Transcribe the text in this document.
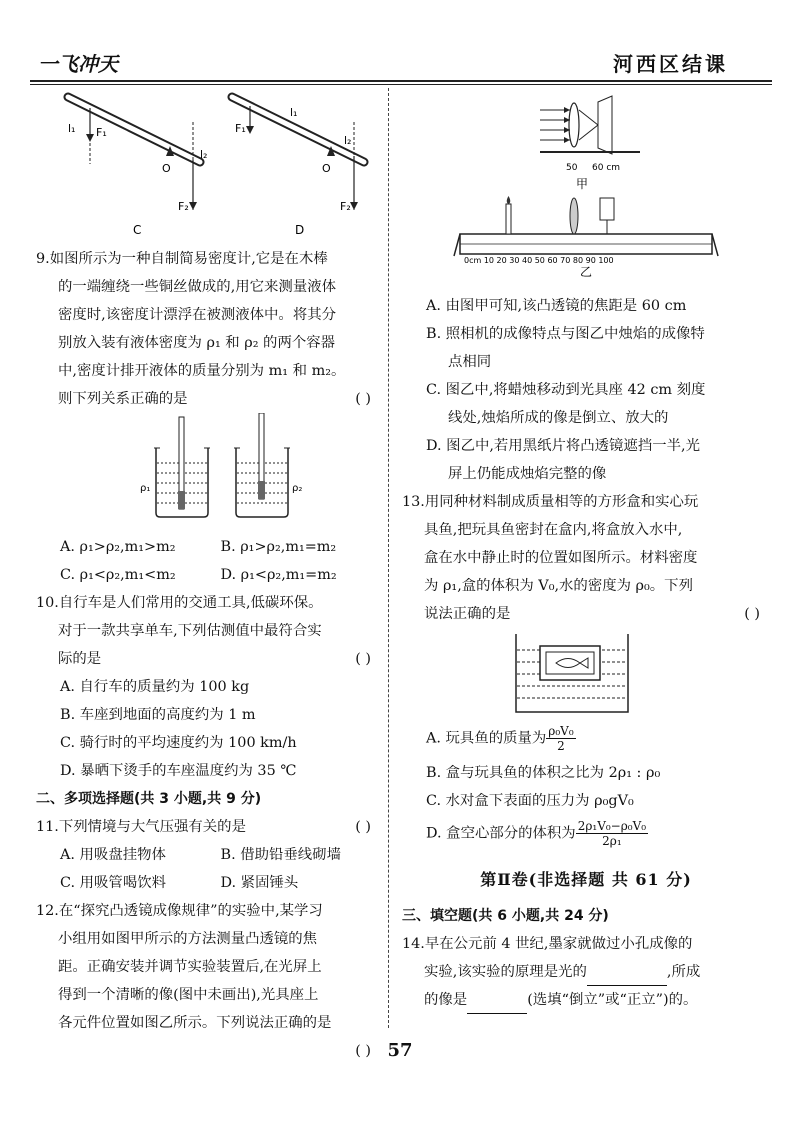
一飞冲天	河西区结课
l₁ F₁
O
l₂
F₂
F₁
l₁
O
l₂
F₂
C	D

9.如图所示为一种自制简易密度计,它是在木棒

的一端缠绕一些铜丝做成的,用它来测量液体

密度时,该密度计漂浮在被测液体中。将其分

别放入装有液体密度为 ρ₁ 和 ρ₂ 的两个容器

中,密度计排开液体的质量分别为 m₁ 和 m₂。

则下列关系正确的是	( )

ρ₁	ρ₂
A. ρ₁>ρ₂,m₁>m₂	B. ρ₁>ρ₂,m₁=m₂
C. ρ₁<ρ₂,m₁<m₂	D. ρ₁<ρ₂,m₁=m₂

10.自行车是人们常用的交通工具,低碳环保。

对于一款共享单车,下列估测值中最符合实

际的是	( )

A. 自行车的质量约为 100 kg

B. 车座到地面的高度约为 1 m

C. 骑行时的平均速度约为 100 km/h

D. 暴晒下烫手的车座温度约为 35 ℃

二、多项选择题(共 3 小题,共 9 分)

11.下列情境与大气压强有关的是	( )

A. 用吸盘挂物体	B. 借助铅垂线砌墙
C. 用吸管喝饮料	D. 紧固锤头

12.在“探究凸透镜成像规律”的实验中,某学习

小组用如图甲所示的方法测量凸透镜的焦

距。正确安装并调节实验装置后,在光屏上

得到一个清晰的像(图中未画出),光具座上

各元件位置如图乙所示。下列说法正确的是

( )

50 60 cm
甲
0cm 10 20 30 40 50 60 70 80 90 100
乙

A. 由图甲可知,该凸透镜的焦距是 60 cm

B. 照相机的成像特点与图乙中烛焰的成像特

点相同

C. 图乙中,将蜡烛移动到光具座 42 cm 刻度

线处,烛焰所成的像是倒立、放大的

D. 图乙中,若用黑纸片将凸透镜遮挡一半,光

屏上仍能成烛焰完整的像

13.用同种材料制成质量相等的方形盒和实心玩

具鱼,把玩具鱼密封在盒内,将盒放入水中,

盒在水中静止时的位置如图所示。材料密度

为 ρ₁,盒的体积为 V₀,水的密度为 ρ₀。下列

说法正确的是	( )

A. 玩具鱼的质量为 $\frac{\text{ρ₀V₀}}{2}$

B. 盒与玩具鱼的体积之比为 2ρ₁ : ρ₀

C. 水对盒下表面的压力为 ρ₀gV₀

D. 盒空心部分的体积为 $\frac{\text{2ρ₁V₀−ρ₀V₀}}{\text{2ρ₁}}$

第Ⅱ卷(非选择题 共 61 分)

三、填空题(共 6 小题,共 24 分)

14.早在公元前 4 世纪,墨家就做过小孔成像的

实验,该实验的原理是光的	,所成

的像是	(选填“倒立”或“正立”)的。

57
